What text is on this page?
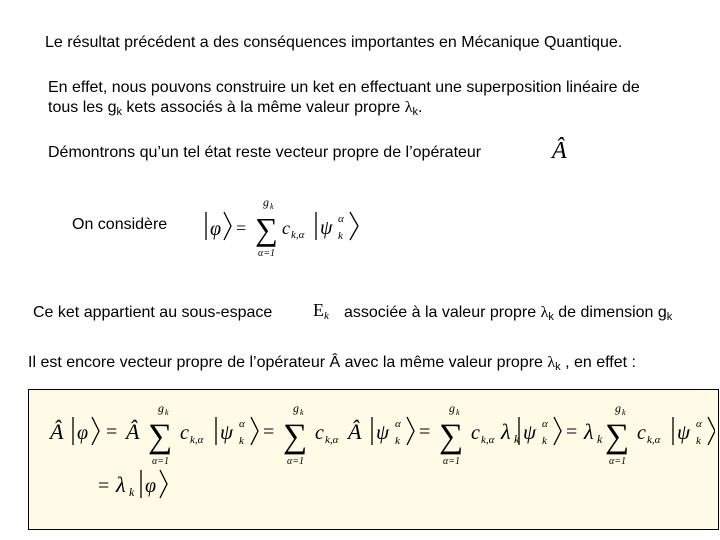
Le résultat précédent a des conséquences importantes en Mécanique Quantique.
En effet, nous pouvons construire un ket en effectuant une superposition linéaire de
tous les $g_k$ kets associés à la même valeur propre $\lambda_k$.
Démontrons qu’un tel état reste vecteur propre de l’opérateur	Â
On considère φ =
g k
∑
α=1
c k,α ψ α
k
Ce ket appartient au sous-espace $E_k$ associée à la valeur propre $\lambda_k$ de dimension $g_k$
Il est encore vecteur propre de l’opérateur Â avec la même valeur propre $\lambda_k$ , en effet :
Â φ = Â
g k
∑
α=1
c k,α ψ α
k =
g k
∑
α=1
c k,α Â ψ α
k =
g k
∑
α=1
c k,α λ k ψ α
k = λ k
g k
∑
α=1
c k,α ψ α
k
= λ k φ
